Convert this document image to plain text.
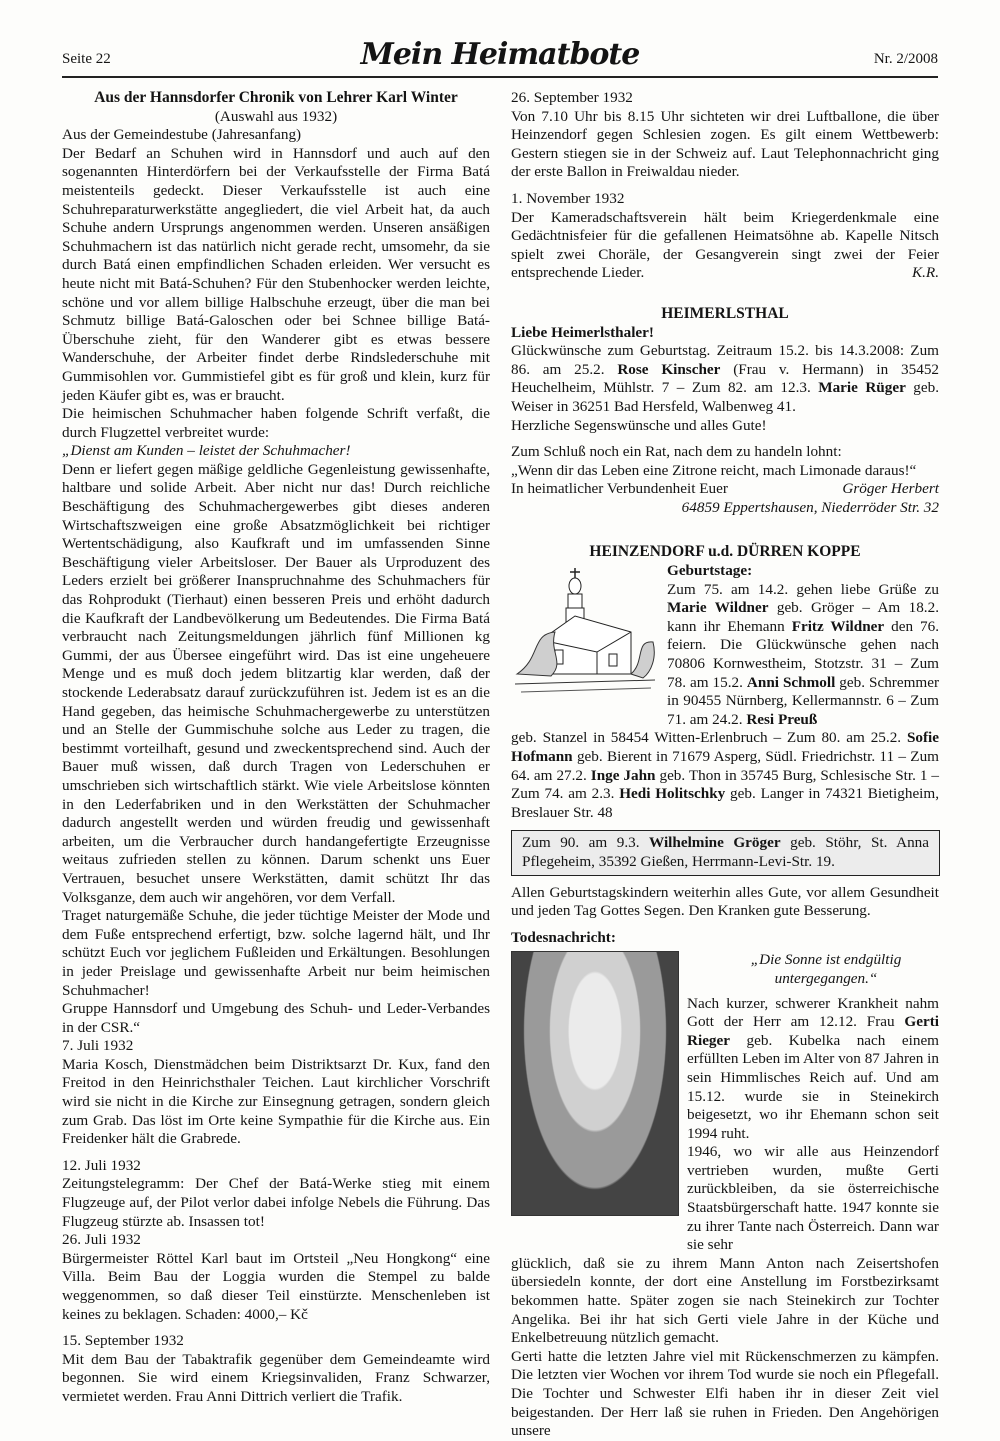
Seite 22	Mein Heimatbote	Nr. 2/2008

Aus der Hannsdorfer Chronik von Lehrer Karl Winter

(Auswahl aus 1932)

Aus der Gemeindestube (Jahresanfang)

Der Bedarf an Schuhen wird in Hannsdorf und auch auf den sogenannten Hinterdörfern bei der Verkaufsstelle der Firma Batá meistenteils gedeckt. Dieser Verkaufsstelle ist auch eine Schuhreparaturwerkstätte angegliedert, die viel Arbeit hat, da auch Schuhe andern Ursprungs angenommen werden. Unseren ansäßigen Schuhmachern ist das natürlich nicht gerade recht, umsomehr, da sie durch Batá einen empfindlichen Schaden erleiden. Wer versucht es heute nicht mit Batá-Schuhen? Für den Stubenhocker werden leichte, schöne und vor allem billige Halbschuhe erzeugt, über die man bei Schmutz billige Batá-Galoschen oder bei Schnee billige Batá-Überschuhe zieht, für den Wanderer gibt es etwas bessere Wanderschuhe, der Arbeiter findet derbe Rindslederschuhe mit Gummisohlen vor. Gummistiefel gibt es für groß und klein, kurz für jeden Käufer gibt es, was er braucht.

Die heimischen Schuhmacher haben folgende Schrift verfaßt, die durch Flugzettel verbreitet wurde:

„Dienst am Kunden – leistet der Schuhmacher!

Denn er liefert gegen mäßige geldliche Gegenleistung gewissenhafte, haltbare und solide Arbeit. Aber nicht nur das! Durch reichliche Beschäftigung des Schuhmachergewerbes gibt dieses anderen Wirtschaftszweigen eine große Absatzmöglichkeit bei richtiger Wertentschädigung, also Kaufkraft und im umfassenden Sinne Beschäftigung vieler Arbeitsloser. Der Bauer als Urproduzent des Leders erzielt bei größerer Inanspruchnahme des Schuhmachers für das Rohprodukt (Tierhaut) einen besseren Preis und erhöht dadurch die Kaufkraft der Landbevölkerung um Bedeutendes. Die Firma Batá verbraucht nach Zeitungsmeldungen jährlich fünf Millionen kg Gummi, der aus Übersee eingeführt wird. Das ist eine ungeheuere Menge und es muß doch jedem blitzartig klar werden, daß der stockende Lederabsatz darauf zurückzuführen ist. Jedem ist es an die Hand gegeben, das heimische Schuhmachergewerbe zu unterstützen und an Stelle der Gummischuhe solche aus Leder zu tragen, die bestimmt vorteilhaft, gesund und zweckentsprechend sind. Auch der Bauer muß wissen, daß durch Tragen von Lederschuhen er umschrieben sich wirtschaftlich stärkt. Wie viele Arbeitslose könnten in den Lederfabriken und in den Werkstätten der Schuhmacher dadurch angestellt werden und würden freudig und gewissenhaft arbeiten, um die Verbraucher durch handangefertigte Erzeugnisse weitaus zufrieden stellen zu können. Darum schenkt uns Euer Vertrauen, besuchet unsere Werkstätten, damit schützt Ihr das Volksganze, dem auch wir angehören, vor dem Verfall.

Traget naturgemäße Schuhe, die jeder tüchtige Meister der Mode und dem Fuße entsprechend erfertigt, bzw. solche lagernd hält, und Ihr schützt Euch vor jeglichem Fußleiden und Erkältungen. Besohlungen in jeder Preislage und gewissenhafte Arbeit nur beim heimischen Schuhmacher!

Gruppe Hannsdorf und Umgebung des Schuh- und Leder-Verbandes in der CSR.“

7. Juli 1932

Maria Kosch, Dienstmädchen beim Distriktsarzt Dr. Kux, fand den Freitod in den Heinrichsthaler Teichen. Laut kirchlicher Vorschrift wird sie nicht in die Kirche zur Einsegnung getragen, sondern gleich zum Grab. Das löst im Orte keine Sympathie für die Kirche aus. Ein Freidenker hält die Grabrede.

12. Juli 1932

Zeitungstelegramm: Der Chef der Batá-Werke stieg mit einem Flugzeuge auf, der Pilot verlor dabei infolge Nebels die Führung. Das Flugzeug stürzte ab. Insassen tot!

26. Juli 1932

Bürgermeister Röttel Karl baut im Ortsteil „Neu Hongkong“ eine Villa. Beim Bau der Loggia wurden die Stempel zu balde weggenommen, so daß dieser Teil einstürzte. Menschenleben ist keines zu beklagen. Schaden: 4000,– Kč

15. September 1932

Mit dem Bau der Tabaktrafik gegenüber dem Gemeindeamte wird begonnen. Sie wird einem Kriegsinvaliden, Franz Schwarzer, vermietet werden. Frau Anni Dittrich verliert die Trafik.

26. September 1932

Von 7.10 Uhr bis 8.15 Uhr sichteten wir drei Luftballone, die über Heinzendorf gegen Schlesien zogen. Es gilt einem Wettbewerb: Gestern stiegen sie in der Schweiz auf. Laut Telephonnachricht ging der erste Ballon in Freiwaldau nieder.

1. November 1932

Der Kameradschaftsverein hält beim Kriegerdenkmale eine Gedächtnisfeier für die gefallenen Heimatsöhne ab. Kapelle Nitsch spielt zwei Choräle, der Gesangverein singt zwei der Feier entsprechende Lieder.	K.R.

HEIMERLSTHAL

Liebe Heimerlsthaler!

Glückwünsche zum Geburtstag. Zeitraum 15.2. bis 14.3.2008: Zum 86. am 25.2. Rose Kinscher (Frau v. Hermann) in 35452 Heuchelheim, Mühlstr. 7 – Zum 82. am 12.3. Marie Rüger geb. Weiser in 36251 Bad Hersfeld, Walbenweg 41.

Herzliche Segenswünsche und alles Gute!

Zum Schluß noch ein Rat, nach dem zu handeln lohnt:

„Wenn dir das Leben eine Zitrone reicht, mach Limonade daraus!“

In heimatlicher Verbundenheit Euer	Gröger Herbert

64859 Eppertshausen, Niederröder Str. 32

HEINZENDORF u.d. DÜRREN KOPPE

Geburtstage:

Zum 75. am 14.2. gehen liebe Grüße zu Marie Wildner geb. Gröger – Am 18.2. kann ihr Ehemann Fritz Wildner den 76. feiern. Die Glückwünsche gehen nach 70806 Kornwestheim, Stotzstr. 31 – Zum 78. am 15.2. Anni Schmoll geb. Schremmer in 90455 Nürnberg, Kellermannstr. 6 – Zum 71. am 24.2. Resi Preuß

geb. Stanzel in 58454 Witten-Erlenbruch – Zum 80. am 25.2. Sofie Hofmann geb. Bierent in 71679 Asperg, Südl. Friedrichstr. 11 – Zum 64. am 27.2. Inge Jahn geb. Thon in 35745 Burg, Schlesische Str. 1 – Zum 74. am 2.3. Hedi Holitschky geb. Langer in 74321 Bietigheim, Breslauer Str. 48

Zum 90. am 9.3. Wilhelmine Gröger geb. Stöhr, St. Anna Pflegeheim, 35392 Gießen, Herrmann-Levi-Str. 19.

Allen Geburtstagskindern weiterhin alles Gute, vor allem Gesundheit und jeden Tag Gottes Segen. Den Kranken gute Besserung.

Todesnachricht:

„Die Sonne ist endgültig untergegangen.“

Nach kurzer, schwerer Krankheit nahm Gott der Herr am 12.12. Frau Gerti Rieger geb. Kubelka nach einem erfüllten Leben im Alter von 87 Jahren in sein Himmlisches Reich auf. Und am 15.12. wurde sie in Steinekirch beigesetzt, wo ihr Ehemann schon seit 1994 ruht.

1946, wo wir alle aus Heinzendorf vertrieben wurden, mußte Gerti zurückbleiben, da sie österreichische Staatsbürgerschaft hatte. 1947 konnte sie zu ihrer Tante nach Österreich. Dann war sie sehr

glücklich, daß sie zu ihrem Mann Anton nach Zeisertshofen übersiedeln konnte, der dort eine Anstellung im Forstbezirksamt bekommen hatte. Später zogen sie nach Steinekirch zur Tochter Angelika. Bei ihr hat sich Gerti viele Jahre in der Küche und Enkelbetreuung nützlich gemacht.

Gerti hatte die letzten Jahre viel mit Rückenschmerzen zu kämpfen. Die letzten vier Wochen vor ihrem Tod wurde sie noch ein Pflegefall. Die Tochter und Schwester Elfi haben ihr in dieser Zeit viel beigestanden. Der Herr laß sie ruhen in Frieden. Den Angehörigen unsere
